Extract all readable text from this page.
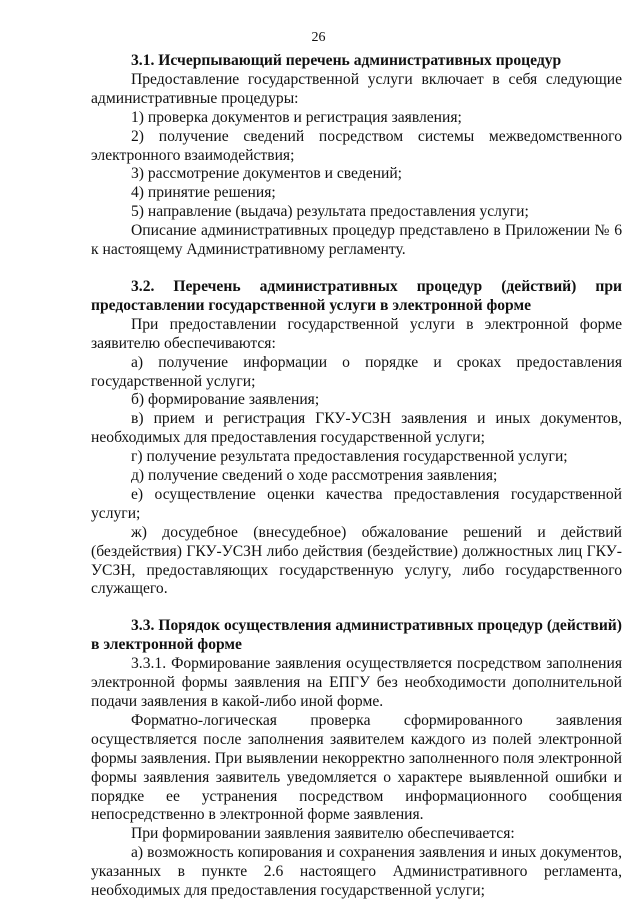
26

3.1. Исчерпывающий перечень административных процедур

Предоставление государственной услуги включает в себя следующие административные процедуры:

1) проверка документов и регистрация заявления;

2) получение сведений посредством системы межведомственного электронного взаимодействия;

3) рассмотрение документов и сведений;

4) принятие решения;

5) направление (выдача) результата предоставления услуги;

Описание административных процедур представлено в Приложении № 6 к настоящему Административному регламенту.

3.2. Перечень административных процедур (действий) при предоставлении государственной услуги в электронной форме

При предоставлении государственной услуги в электронной форме заявителю обеспечиваются:

а) получение информации о порядке и сроках предоставления государственной услуги;

б) формирование заявления;

в) прием и регистрация ГКУ-УСЗН заявления и иных документов, необходимых для предоставления государственной услуги;

г) получение результата предоставления государственной услуги;

д) получение сведений о ходе рассмотрения заявления;

е) осуществление оценки качества предоставления государственной услуги;

ж) досудебное (внесудебное) обжалование решений и действий (бездействия) ГКУ-УСЗН либо действия (бездействие) должностных лиц ГКУ-УСЗН, предоставляющих государственную услугу, либо государственного служащего.

3.3. Порядок осуществления административных процедур (действий) в электронной форме

3.3.1. Формирование заявления осуществляется посредством заполнения электронной формы заявления на ЕПГУ без необходимости дополнительной подачи заявления в какой-либо иной форме.

Форматно-логическая проверка сформированного заявления осуществляется после заполнения заявителем каждого из полей электронной формы заявления. При выявлении некорректно заполненного поля электронной формы заявления заявитель уведомляется о характере выявленной ошибки и порядке ее устранения посредством информационного сообщения непосредственно в электронной форме заявления.

При формировании заявления заявителю обеспечивается:

а) возможность копирования и сохранения заявления и иных документов, указанных в пункте 2.6 настоящего Административного регламента, необходимых для предоставления государственной услуги;
